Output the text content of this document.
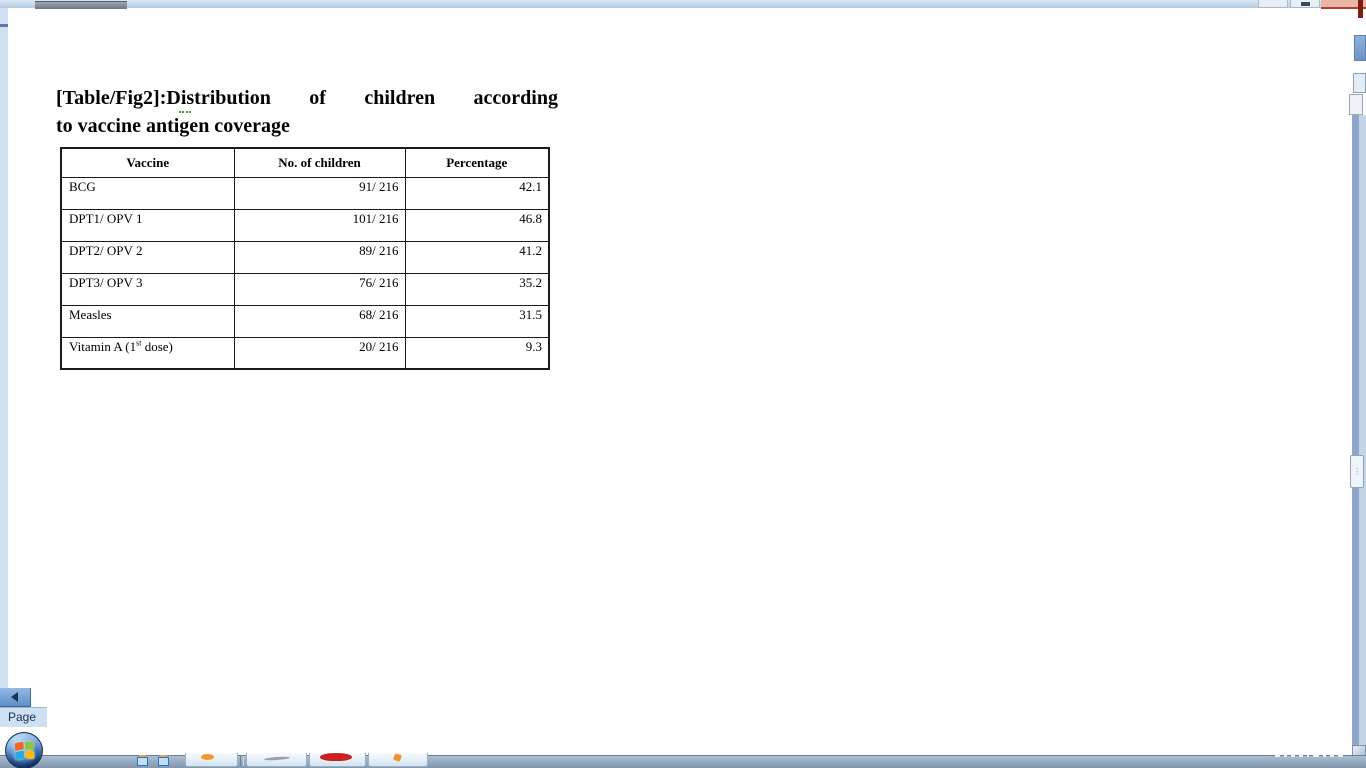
⋮
Page
[Table/Fig2]:Distribution of children according
to vaccine antigen coverage
Vaccine	No. of children	Percentage
BCG	91/ 216	42.1
DPT1/ OPV 1	101/ 216	46.8
DPT2/ OPV 2	89/ 216	41.2
DPT3/ OPV 3	76/ 216	35.2
Measles	68/ 216	31.5
Vitamin A (1st dose)	20/ 216	9.3
